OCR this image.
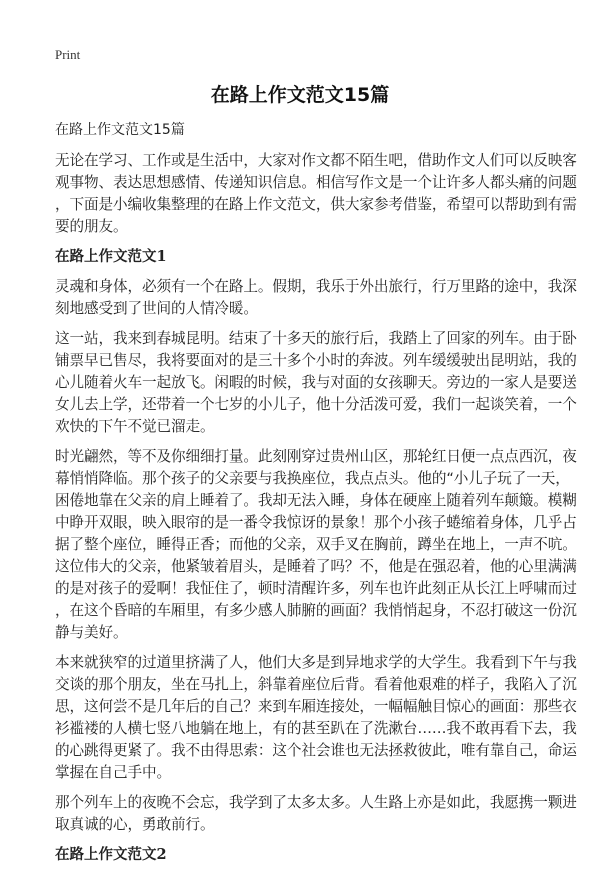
Print
在路上作文范文15篇
在路上作文范文15篇
无论在学习、工作或是生活中，大家对作文都不陌生吧，借助作文人们可以反映客
观事物、表达思想感情、传递知识信息。相信写作文是一个让许多人都头痛的问题
，下面是小编收集整理的在路上作文范文，供大家参考借鉴，希望可以帮助到有需
要的朋友。
在路上作文范文1
灵魂和身体，必须有一个在路上。假期，我乐于外出旅行，行万里路的途中，我深
刻地感受到了世间的人情冷暖。
这一站，我来到春城昆明。结束了十多天的旅行后，我踏上了回家的列车。由于卧
铺票早已售尽，我将要面对的是三十多个小时的奔波。列车缓缓驶出昆明站，我的
心儿随着火车一起放飞。闲暇的时候，我与对面的女孩聊天。旁边的一家人是要送
女儿去上学，还带着一个七岁的小儿子，他十分活泼可爱，我们一起谈笑着，一个
欢快的下午不觉已溜走。
时光翩然，等不及你细细打量。此刻刚穿过贵州山区，那轮红日便一点点西沉，夜
幕悄悄降临。那个孩子的父亲要与我换座位，我点点头。他的“小儿子玩了一天，
困倦地靠在父亲的肩上睡着了。我却无法入睡，身体在硬座上随着列车颠簸。模糊
中睁开双眼，映入眼帘的是一番令我惊讶的景象！那个小孩子蜷缩着身体，几乎占
据了整个座位，睡得正香；而他的父亲，双手叉在胸前，蹲坐在地上，一声不吭。
这位伟大的父亲，他紧皱着眉头，是睡着了吗？不，他是在强忍着，他的心里满满
的是对孩子的爱啊！我怔住了，顿时清醒许多，列车也许此刻正从长江上呼啸而过
，在这个昏暗的车厢里，有多少感人肺腑的画面？我悄悄起身，不忍打破这一份沉
静与美好。
本来就狭窄的过道里挤满了人，他们大多是到异地求学的大学生。我看到下午与我
交谈的那个朋友，坐在马扎上，斜靠着座位后背。看着他艰难的样子，我陷入了沉
思，这何尝不是几年后的自己？来到车厢连接处，一幅幅触目惊心的画面：那些衣
衫褴褛的人横七竖八地躺在地上，有的甚至趴在了洗漱台……我不敢再看下去，我
的心跳得更紧了。我不由得思索：这个社会谁也无法拯救彼此，唯有靠自己，命运
掌握在自己手中。
那个列车上的夜晚不会忘，我学到了太多太多。人生路上亦是如此，我愿携一颗进
取真诚的心，勇敢前行。
在路上作文范文2
